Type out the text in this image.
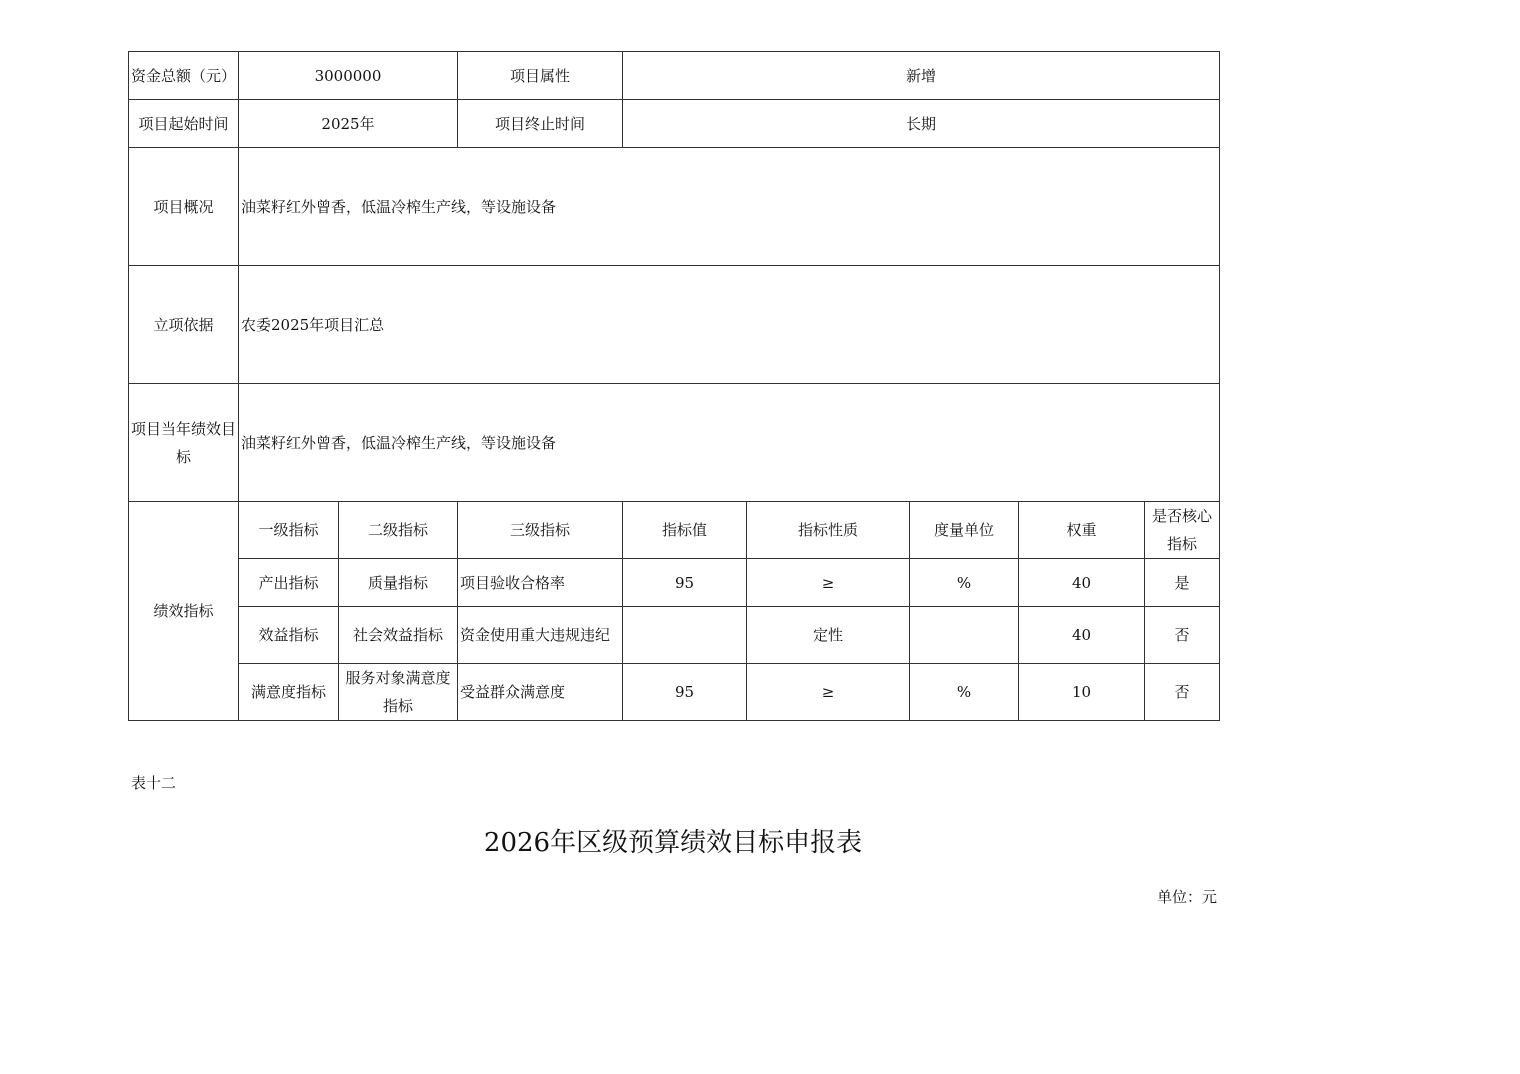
资金总额（元）	3000000		项目属性	新增				
项目起始时间	2025年		项目终止时间	长期				
项目概况	油菜籽红外曾香，低温冷榨生产线，等设施设备							
立项依据	农委2025年项目汇总							
项目当年绩效目标	油菜籽红外曾香，低温冷榨生产线，等设施设备							
绩效指标	一级指标	二级指标	三级指标	指标值	指标性质	度量单位	权重	是否核心指标
	产出指标	质量指标	项目验收合格率	95	≥	%	40	是
	效益指标	社会效益指标	资金使用重大违规违纪		定性		40	否
	满意度指标	服务对象满意度指标	受益群众满意度	95	≥	%	10	否
表十二
2026年区级预算绩效目标申报表
单位：元
